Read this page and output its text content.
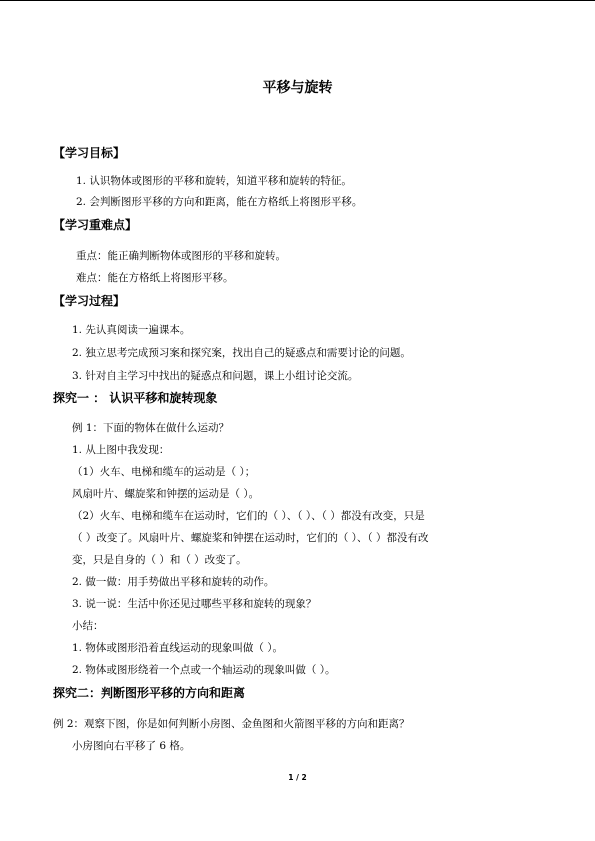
平移与旋转
【学习目标】
1. 认识物体或图形的平移和旋转，知道平移和旋转的特征。
2. 会判断图形平移的方向和距离，能在方格纸上将图形平移。
【学习重难点】
重点：能正确判断物体或图形的平移和旋转。
难点：能在方格纸上将图形平移。
【学习过程】
1. 先认真阅读一遍课本。
2. 独立思考完成预习案和探究案，找出自己的疑惑点和需要讨论的问题。
3. 针对自主学习中找出的疑惑点和问题，课上小组讨论交流。
探究一 ： 认识平移和旋转现象
例 1：下面的物体在做什么运动？
1. 从上图中我发现：
（1）火车、电梯和缆车的运动是（ ）；
风扇叶片、螺旋桨和钟摆的运动是（ ）。
（2）火车、电梯和缆车在运动时，它们的（ ）、（ ）、（ ）都没有改变，只是
（ ）改变了。风扇叶片、螺旋桨和钟摆在运动时，它们的（ ）、（ ）都没有改
变，只是自身的（ ）和（ ）改变了。
2. 做一做：用手势做出平移和旋转的动作。
3. 说一说：生活中你还见过哪些平移和旋转的现象？
小结：
1. 物体或图形沿着直线运动的现象叫做（ ）。
2. 物体或图形绕着一个点或一个轴运动的现象叫做（ ）。
探究二：判断图形平移的方向和距离
例 2：观察下图，你是如何判断小房图、金鱼图和火箭图平移的方向和距离？
小房图向右平移了 6 格。
1 / 2
